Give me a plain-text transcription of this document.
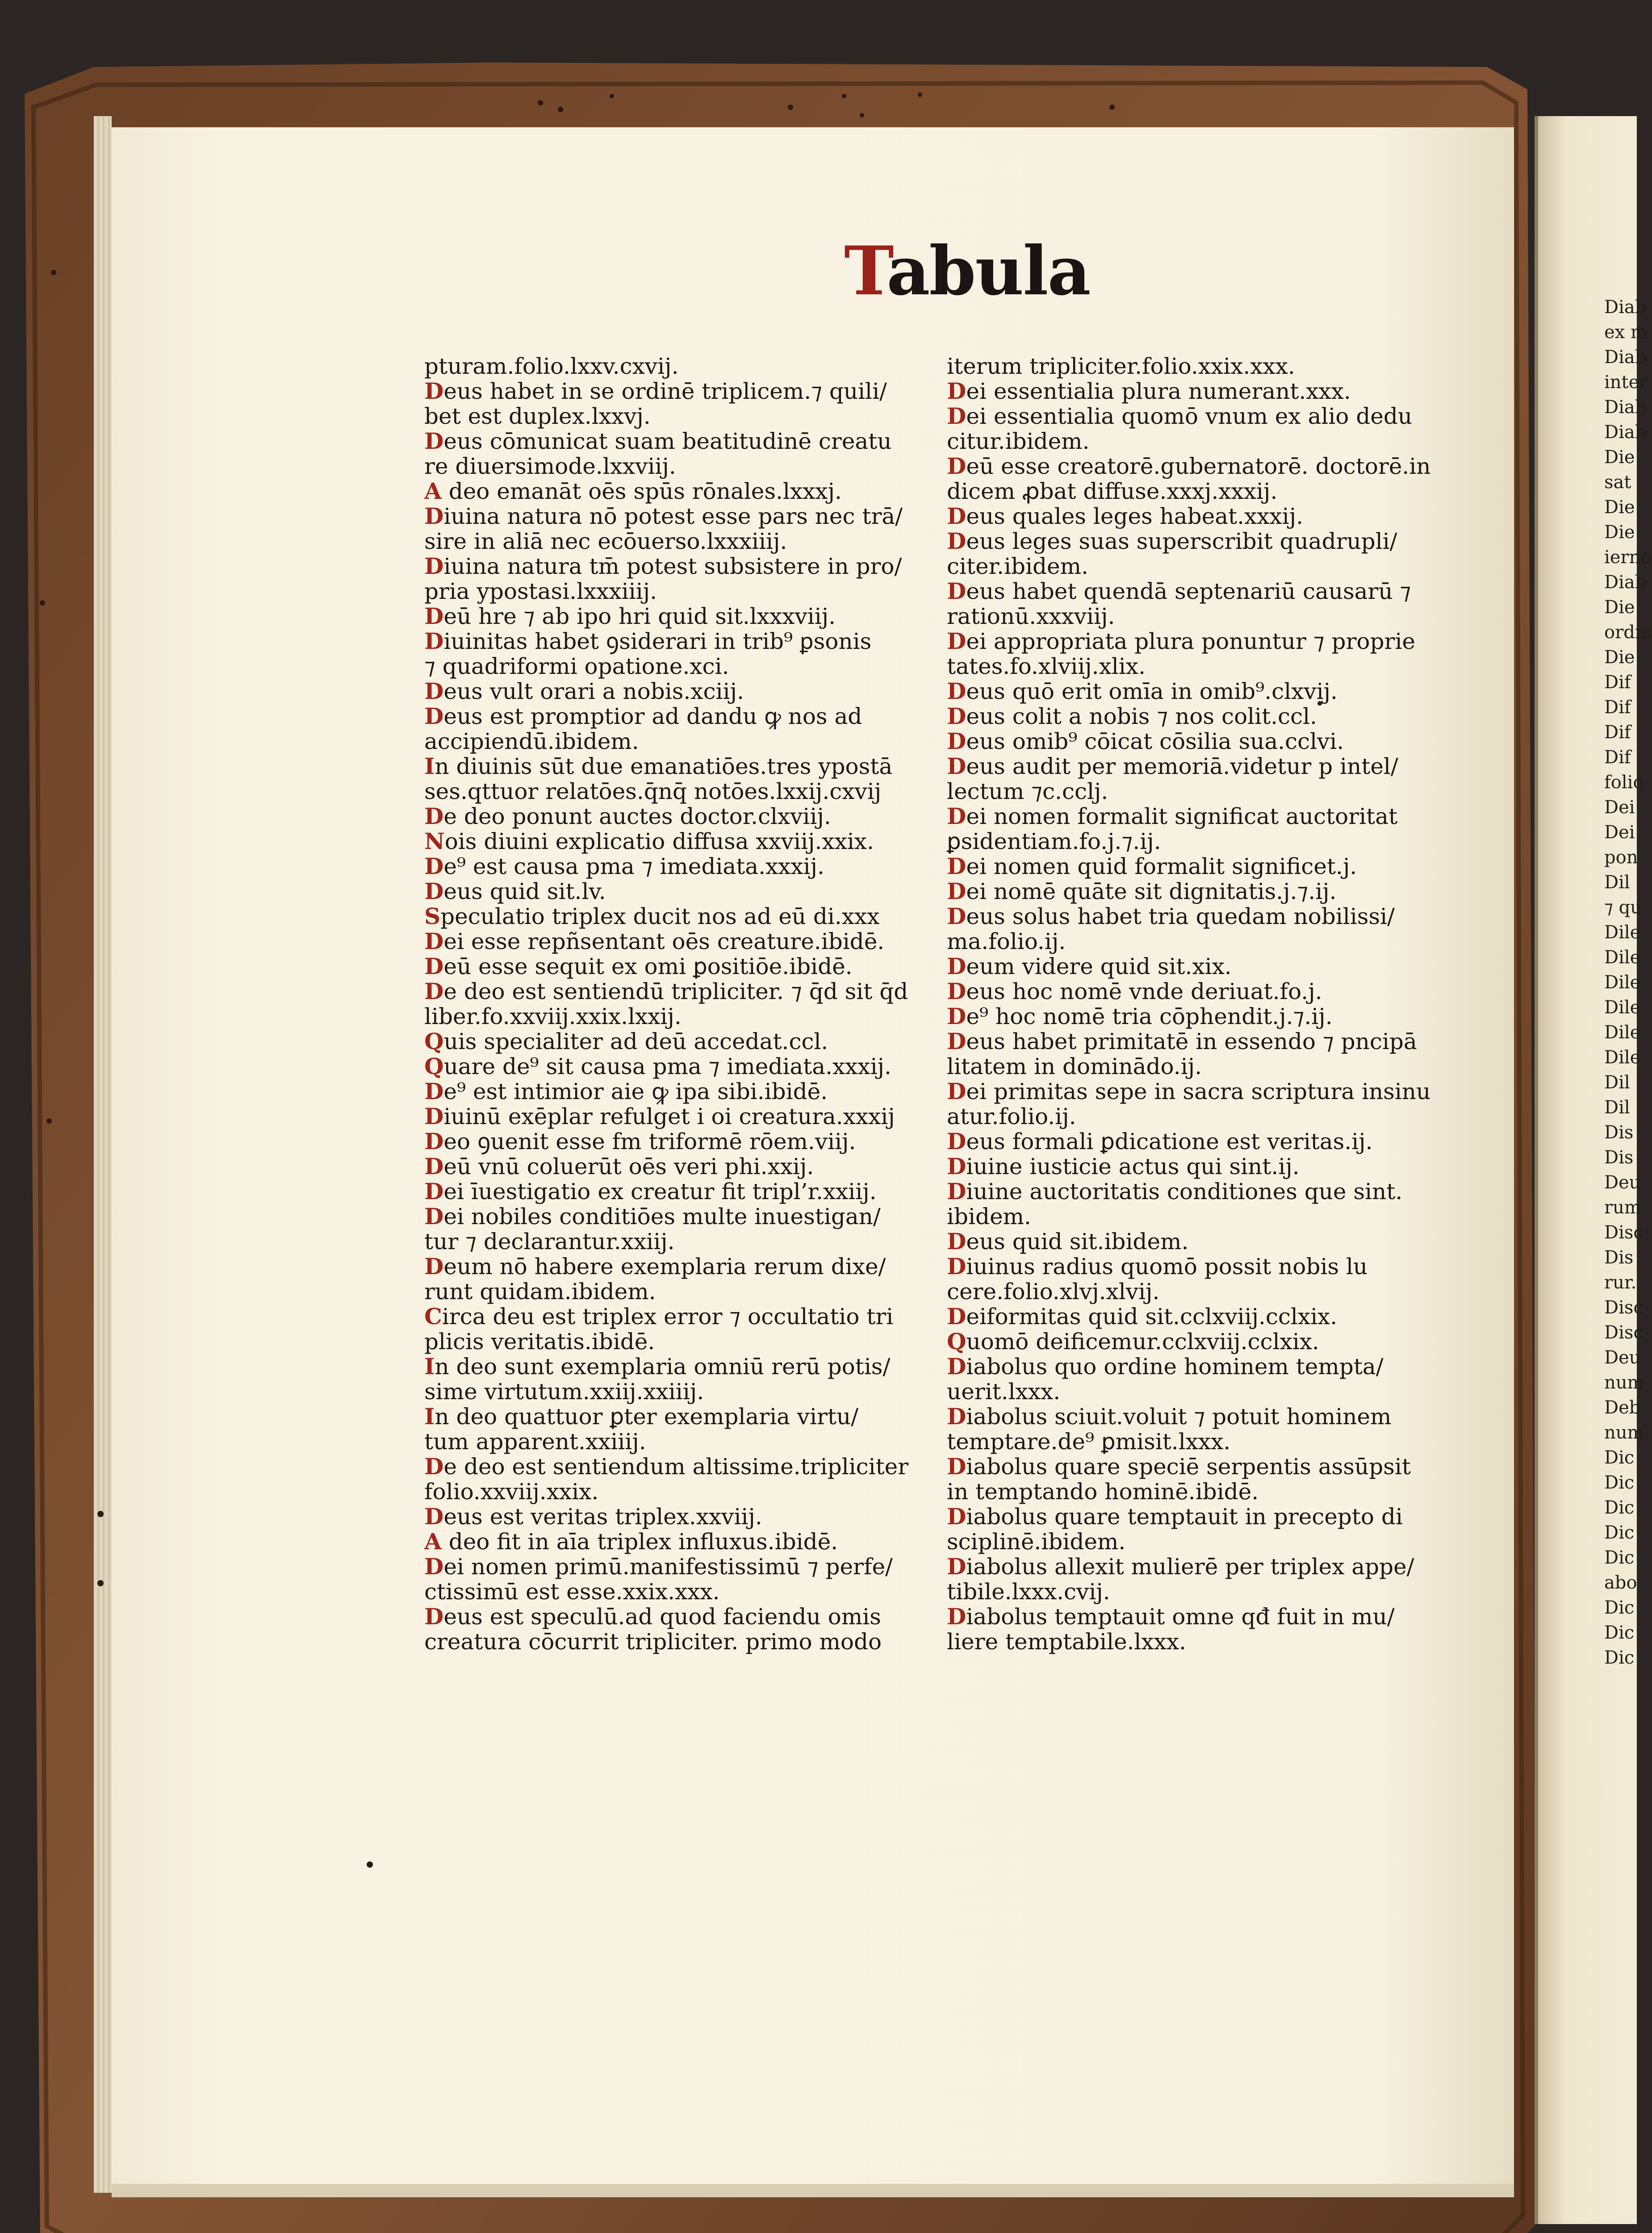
Tabula
pturam.folio.lxxv.cxvij.
Deus habet in se ordinē triplicem.⁊ quili/
bet est duplex.lxxvj.
Deus cōmunicat suam beatitudinē creatu
re diuersimode.lxxviij.
A deo emanāt oēs spūs rōnales.lxxxj.
Diuina natura nō potest esse pars nec trā/
sire in aliā nec ecōuerso.lxxxiiij.
Diuina natura tm̄ potest subsistere in pro/
pria ypostasi.lxxxiiij.
Deū hre ⁊ ab ipo hri quid sit.lxxxviij.
Diuinitas habet ꝯsiderari in trib⁹ ꝑsonis
⁊ quadriformi opatione.xci.
Deus vult orari a nobis.xciij.
Deus est promptior ad dandu ꝙ nos ad
accipiendū.ibidem.
In diuinis sūt due emanatiōes.tres ypostā
ses.qttuor relatōes.q̄nq̄ notōes.lxxij.cxvij
De deo ponunt auctes doctor.clxviij.
Nois diuini explicatio diffusa xxviij.xxix.
De⁹ est causa pma ⁊ imediata.xxxij.
Deus quid sit.lv.
Speculatio triplex ducit nos ad eū di.xxx
Dei esse repñsentant oēs creature.ibidē.
Deū esse sequit ex omi ꝑositiōe.ibidē.
De deo est sentiendū tripliciter. ⁊ q̄d sit q̄d
liber.fo.xxviij.xxix.lxxij.
Quis specialiter ad deū accedat.ccl.
Quare de⁹ sit causa pma ⁊ imediata.xxxij.
De⁹ est intimior aie ꝙ ipa sibi.ibidē.
Diuinū exēplar refulget i oi creatura.xxxij
Deo ꝯuenit esse fm triformē rōem.viij.
Deū vnū coluerūt oēs veri phi.xxij.
Dei īuestigatio ex creatur fit tripl’r.xxiij.
Dei nobiles conditiōes multe inuestigan/
tur ⁊ declarantur.xxiij.
Deum nō habere exemplaria rerum dixe/
runt quidam.ibidem.
Circa deu est triplex error ⁊ occultatio tri
plicis veritatis.ibidē.
In deo sunt exemplaria omniū rerū potis/
sime virtutum.xxiij.xxiiij.
In deo quattuor ꝑter exemplaria virtu/
tum apparent.xxiiij.
De deo est sentiendum altissime.tripliciter
folio.xxviij.xxix.
Deus est veritas triplex.xxviij.
A deo fit in aīa triplex influxus.ibidē.
Dei nomen primū.manifestissimū ⁊ perfe/
ctissimū est esse.xxix.xxx.
Deus est speculū.ad quod faciendu omis
creatura cōcurrit tripliciter. primo modo
iterum tripliciter.folio.xxix.xxx.
Dei essentialia plura numerant.xxx.
Dei essentialia quomō vnum ex alio dedu
citur.ibidem.
Deū esse creatorē.gubernatorē. doctorē.in
dicem ꝓbat diffuse.xxxj.xxxij.
Deus quales leges habeat.xxxij.
Deus leges suas superscribit quadrupli/
citer.ibidem.
Deus habet quendā septenariū causarū ⁊
rationū.xxxviij.
Dei appropriata plura ponuntur ⁊ proprie
tates.fo.xlviij.xlix.
Deus quō erit omīa in omib⁹.clxvij.
Deus colit a nobis ⁊ nos colit.ccl.
Deus omib⁹ cōicat cōsilia sua.cclvi.
Deus audit per memoriā.videtur p intel/
lectum ⁊c.cclj.
Dei nomen formalit significat auctoritat
ꝑsidentiam.fo.j.⁊.ij.
Dei nomen quid formalit significet.j.
Dei nomē quāte sit dignitatis.j.⁊.ij.
Deus solus habet tria quedam nobilissi/
ma.folio.ij.
Deum videre quid sit.xix.
Deus hoc nomē vnde deriuat.fo.j.
De⁹ hoc nomē tria cōphendit.j.⁊.ij.
Deus habet primitatē in essendo ⁊ pncipā
litatem in dominādo.ij.
Dei primitas sepe in sacra scriptura insinu
atur.folio.ij.
Deus formali ꝑdicatione est veritas.ij.
Diuine iusticie actus qui sint.ij.
Diuine auctoritatis conditiones que sint.
ibidem.
Deus quid sit.ibidem.
Diuinus radius quomō possit nobis lu
cere.folio.xlvj.xlvij.
Deiformitas quid sit.cclxviij.cclxix.
Quomō deificemur.cclxviij.cclxix.
Diabolus quo ordine hominem tempta/
uerit.lxxx.
Diabolus sciuit.voluit ⁊ potuit hominem
temptare.de⁹ ꝑmisit.lxxx.
Diabolus quare speciē serpentis assūpsit
in temptando hominē.ibidē.
Diabolus quare temptauit in precepto di
sciplinē.ibidem.
Diabolus allexit mulierē per triplex appe/
tibile.lxxx.cvij.
Diabolus temptauit omne qđ fuit in mu/
liere temptabile.lxxx.
Diab
ex m
Diab
inter
Diab
Diab
Die
sat
Die
Die
ierno
Diab
Die
ordin
Die
Dif
Dif
Dif
Dif
folio
Dei
Dei
pon
Dil
⁊ qu
Dile
Dile
Dile
Dile
Dile
Dile
Dil
Dil
Dis
Dis
Deu
rum
Disc
Dis
rur.
Disc
Disc
Deu
num
Deb
num
Dic
Dic
Dic
Dic
Dic
abo
Dic
Dic
Dic
